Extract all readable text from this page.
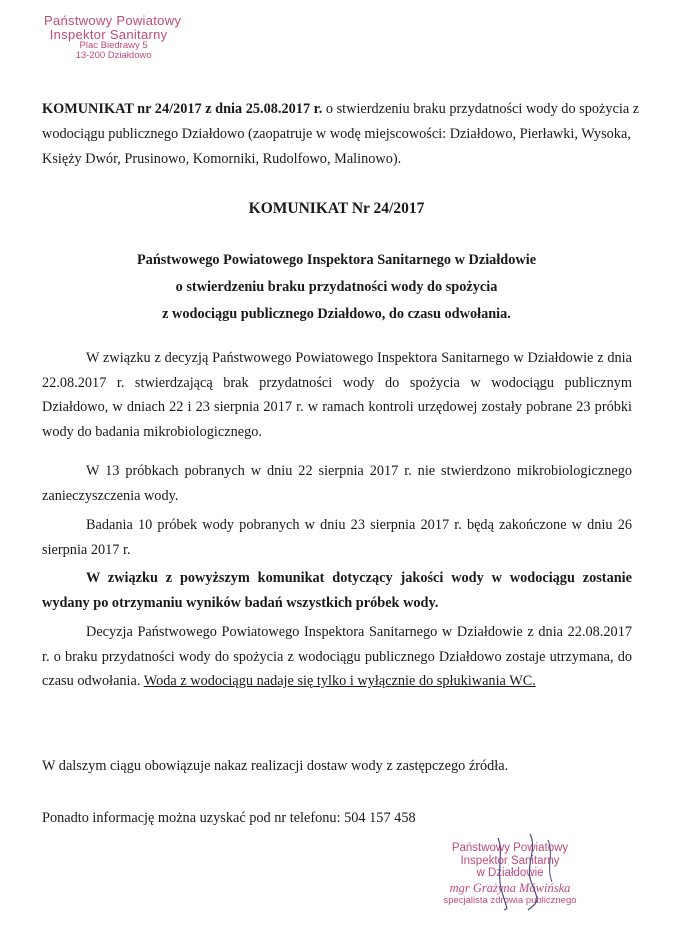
Państwowy Powiatowy
Inspektor Sanitarny
Plac Biedrawy 5
13-200 Działdowo
KOMUNIKAT nr 24/2017 z dnia 25.08.2017 r. o stwierdzeniu braku przydatności wody do spożycia z wodociągu publicznego Działdowo (zaopatruje w wodę miejscowości: Działdowo, Pierławki, Wysoka, Księży Dwór, Prusinowo, Komorniki, Rudolfowo, Malinowo).
KOMUNIKAT Nr 24/2017
Państwowego Powiatowego Inspektora Sanitarnego w Działdowie
o stwierdzeniu braku przydatności wody do spożycia
z wodociągu publicznego Działdowo, do czasu odwołania.
W związku z decyzją Państwowego Powiatowego Inspektora Sanitarnego w Działdowie z dnia 22.08.2017 r. stwierdzającą brak przydatności wody do spożycia w wodociągu publicznym Działdowo, w dniach 22 i 23 sierpnia 2017 r. w ramach kontroli urzędowej zostały pobrane 23 próbki wody do badania mikrobiologicznego.
W 13 próbkach pobranych w dniu 22 sierpnia 2017 r. nie stwierdzono mikrobiologicznego zanieczyszczenia wody.
Badania 10 próbek wody pobranych w dniu 23 sierpnia 2017 r. będą zakończone w dniu 26 sierpnia 2017 r.
W związku z powyższym komunikat dotyczący jakości wody w wodociągu zostanie wydany po otrzymaniu wyników badań wszystkich próbek wody.
Decyzja Państwowego Powiatowego Inspektora Sanitarnego w Działdowie z dnia 22.08.2017 r. o braku przydatności wody do spożycia z wodociągu publicznego Działdowo zostaje utrzymana, do czasu odwołania. Woda z wodociągu nadaje się tylko i wyłącznie do spłukiwania WC.
W dalszym ciągu obowiązuje nakaz realizacji dostaw wody z zastępczego źródła.
Ponadto informację można uzyskać pod nr telefonu: 504 157 458
Państwowy Powiatowy
Inspektor Sanitarny
w Działdowie
mgr Grażyna Mówińska
specjalista zdrowia publicznego
